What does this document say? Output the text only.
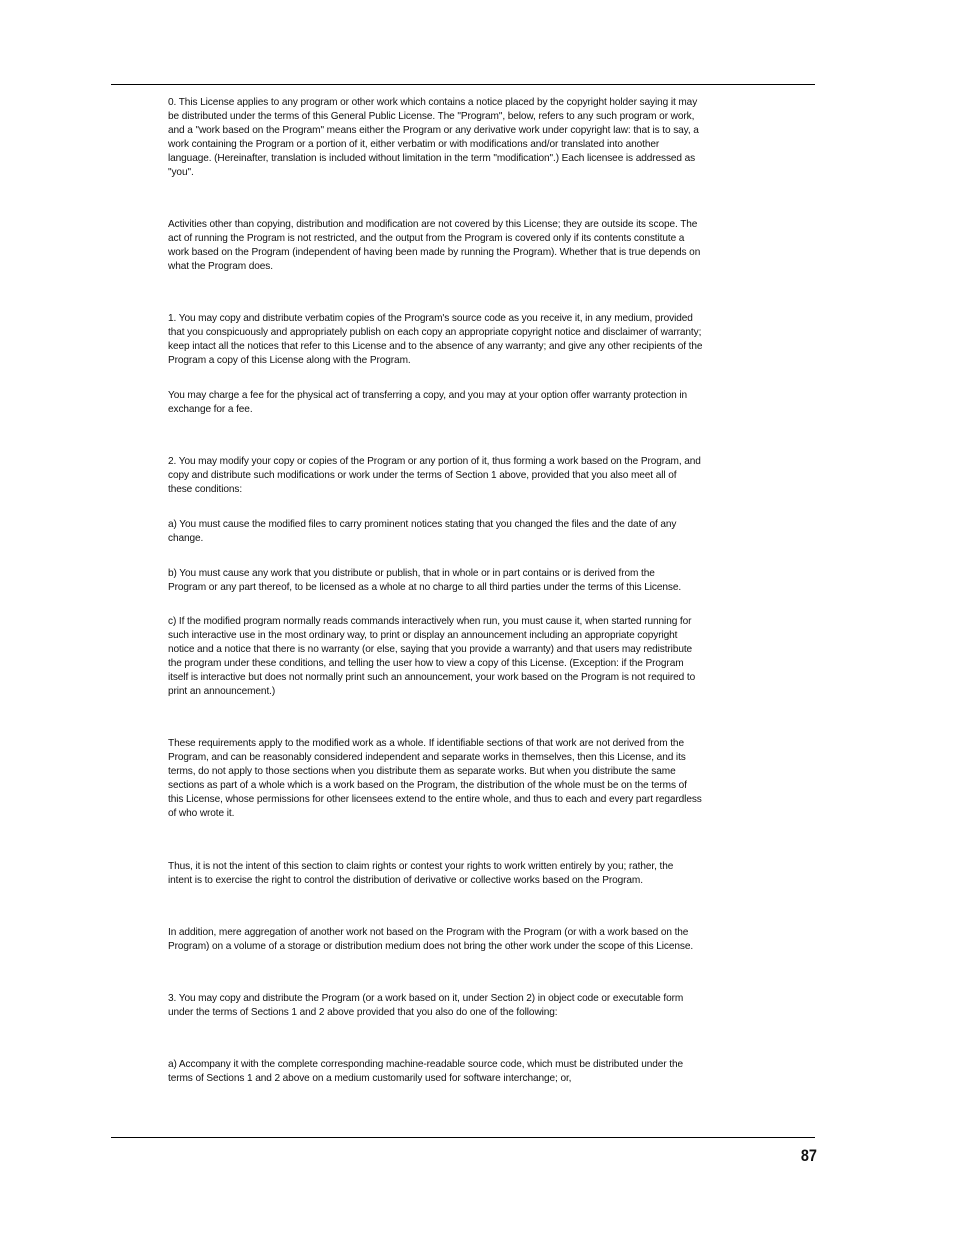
0. This License applies to any program or other work which contains a notice placed by the copyright holder saying it may
be distributed under the terms of this General Public License. The "Program", below, refers to any such program or work,
and a "work based on the Program" means either the Program or any derivative work under copyright law: that is to say, a
work containing the Program or a portion of it, either verbatim or with modifications and/or translated into another
language. (Hereinafter, translation is included without limitation in the term "modification".) Each licensee is addressed as
"you".

Activities other than copying, distribution and modification are not covered by this License; they are outside its scope. The
act of running the Program is not restricted, and the output from the Program is covered only if its contents constitute a
work based on the Program (independent of having been made by running the Program). Whether that is true depends on
what the Program does.

1. You may copy and distribute verbatim copies of the Program's source code as you receive it, in any medium, provided
that you conspicuously and appropriately publish on each copy an appropriate copyright notice and disclaimer of warranty;
keep intact all the notices that refer to this License and to the absence of any warranty; and give any other recipients of the
Program a copy of this License along with the Program.

You may charge a fee for the physical act of transferring a copy, and you may at your option offer warranty protection in
exchange for a fee.

2. You may modify your copy or copies of the Program or any portion of it, thus forming a work based on the Program, and
copy and distribute such modifications or work under the terms of Section 1 above, provided that you also meet all of
these conditions:

a) You must cause the modified files to carry prominent notices stating that you changed the files and the date of any
change.

b) You must cause any work that you distribute or publish, that in whole or in part contains or is derived from the
Program or any part thereof, to be licensed as a whole at no charge to all third parties under the terms of this License.

c) If the modified program normally reads commands interactively when run, you must cause it, when started running for
such interactive use in the most ordinary way, to print or display an announcement including an appropriate copyright
notice and a notice that there is no warranty (or else, saying that you provide a warranty) and that users may redistribute
the program under these conditions, and telling the user how to view a copy of this License. (Exception: if the Program
itself is interactive but does not normally print such an announcement, your work based on the Program is not required to
print an announcement.)

These requirements apply to the modified work as a whole. If identifiable sections of that work are not derived from the
Program, and can be reasonably considered independent and separate works in themselves, then this License, and its
terms, do not apply to those sections when you distribute them as separate works. But when you distribute the same
sections as part of a whole which is a work based on the Program, the distribution of the whole must be on the terms of
this License, whose permissions for other licensees extend to the entire whole, and thus to each and every part regardless
of who wrote it.

Thus, it is not the intent of this section to claim rights or contest your rights to work written entirely by you; rather, the
intent is to exercise the right to control the distribution of derivative or collective works based on the Program.

In addition, mere aggregation of another work not based on the Program with the Program (or with a work based on the
Program) on a volume of a storage or distribution medium does not bring the other work under the scope of this License.

3. You may copy and distribute the Program (or a work based on it, under Section 2) in object code or executable form
under the terms of Sections 1 and 2 above provided that you also do one of the following:

a) Accompany it with the complete corresponding machine-readable source code, which must be distributed under the
terms of Sections 1 and 2 above on a medium customarily used for software interchange; or,

87
